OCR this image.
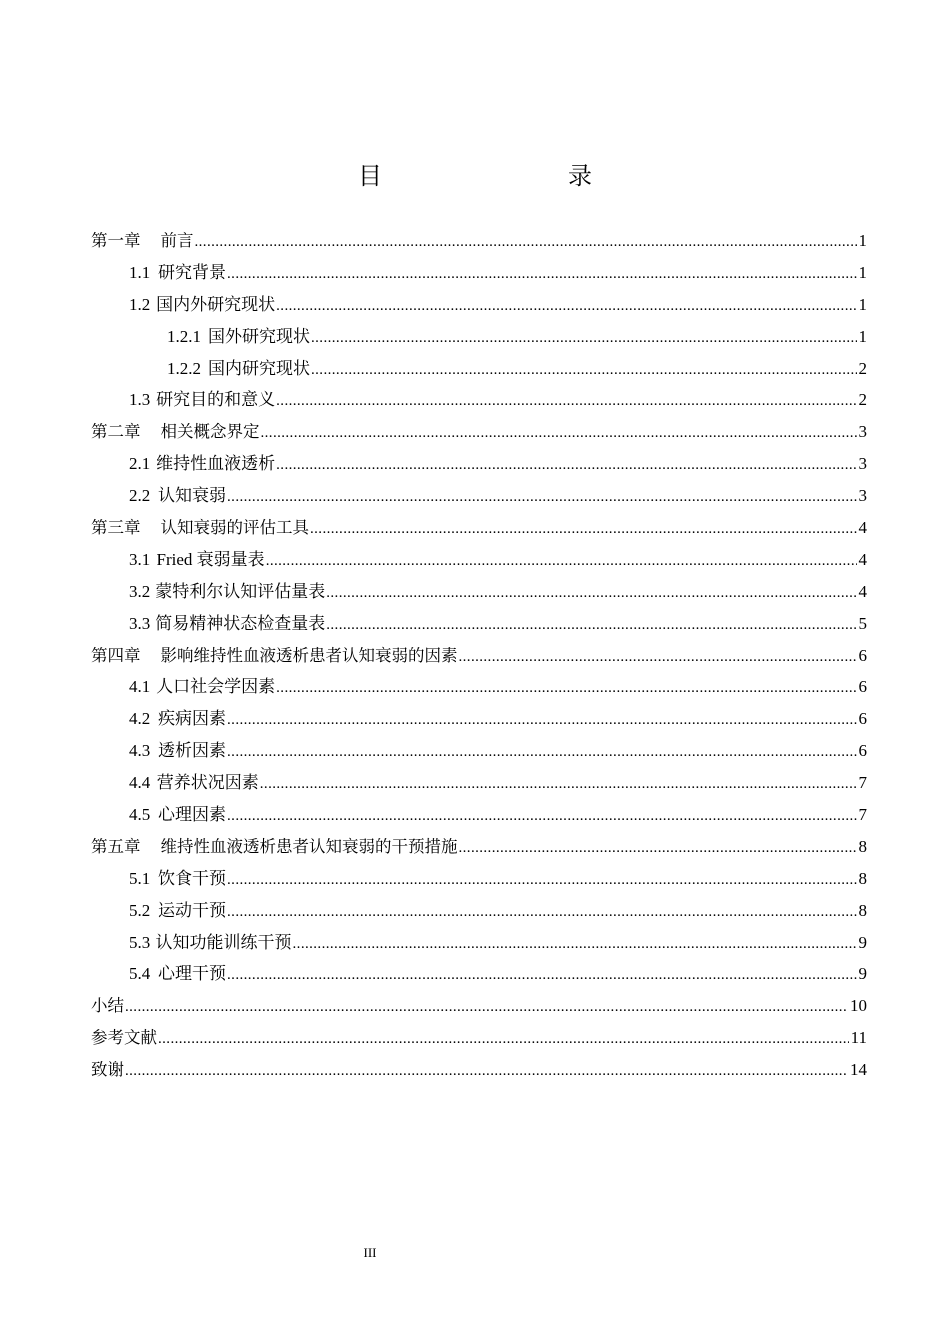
目　　录
第一章 前言 .....	1
1.1 研究背景 .....	1
1.2 国内外研究现状 .....	1
1.2.1 国外研究现状 .....	1
1.2.2 国内研究现状 .....	2
1.3 研究目的和意义 .....	2
第二章 相关概念界定 .....	3
2.1 维持性血液透析 .....	3
2.2 认知衰弱 .....	3
第三章 认知衰弱的评估工具 .....	4
3.1 Fried 衰弱量表 .....	4
3.2 蒙特利尔认知评估量表 .....	4
3.3 简易精神状态检查量表 .....	5
第四章 影响维持性血液透析患者认知衰弱的因素 .....	6
4.1 人口社会学因素 .....	6
4.2 疾病因素 .....	6
4.3 透析因素 .....	6
4.4 营养状况因素 .....	7
4.5 心理因素 .....	7
第五章 维持性血液透析患者认知衰弱的干预措施 .....	8
5.1 饮食干预 .....	8
5.2 运动干预 .....	8
5.3 认知功能训练干预 .....	9
5.4 心理干预 .....	9
小结 .....	10
参考文献 .....	11
致谢 .....	14
III
